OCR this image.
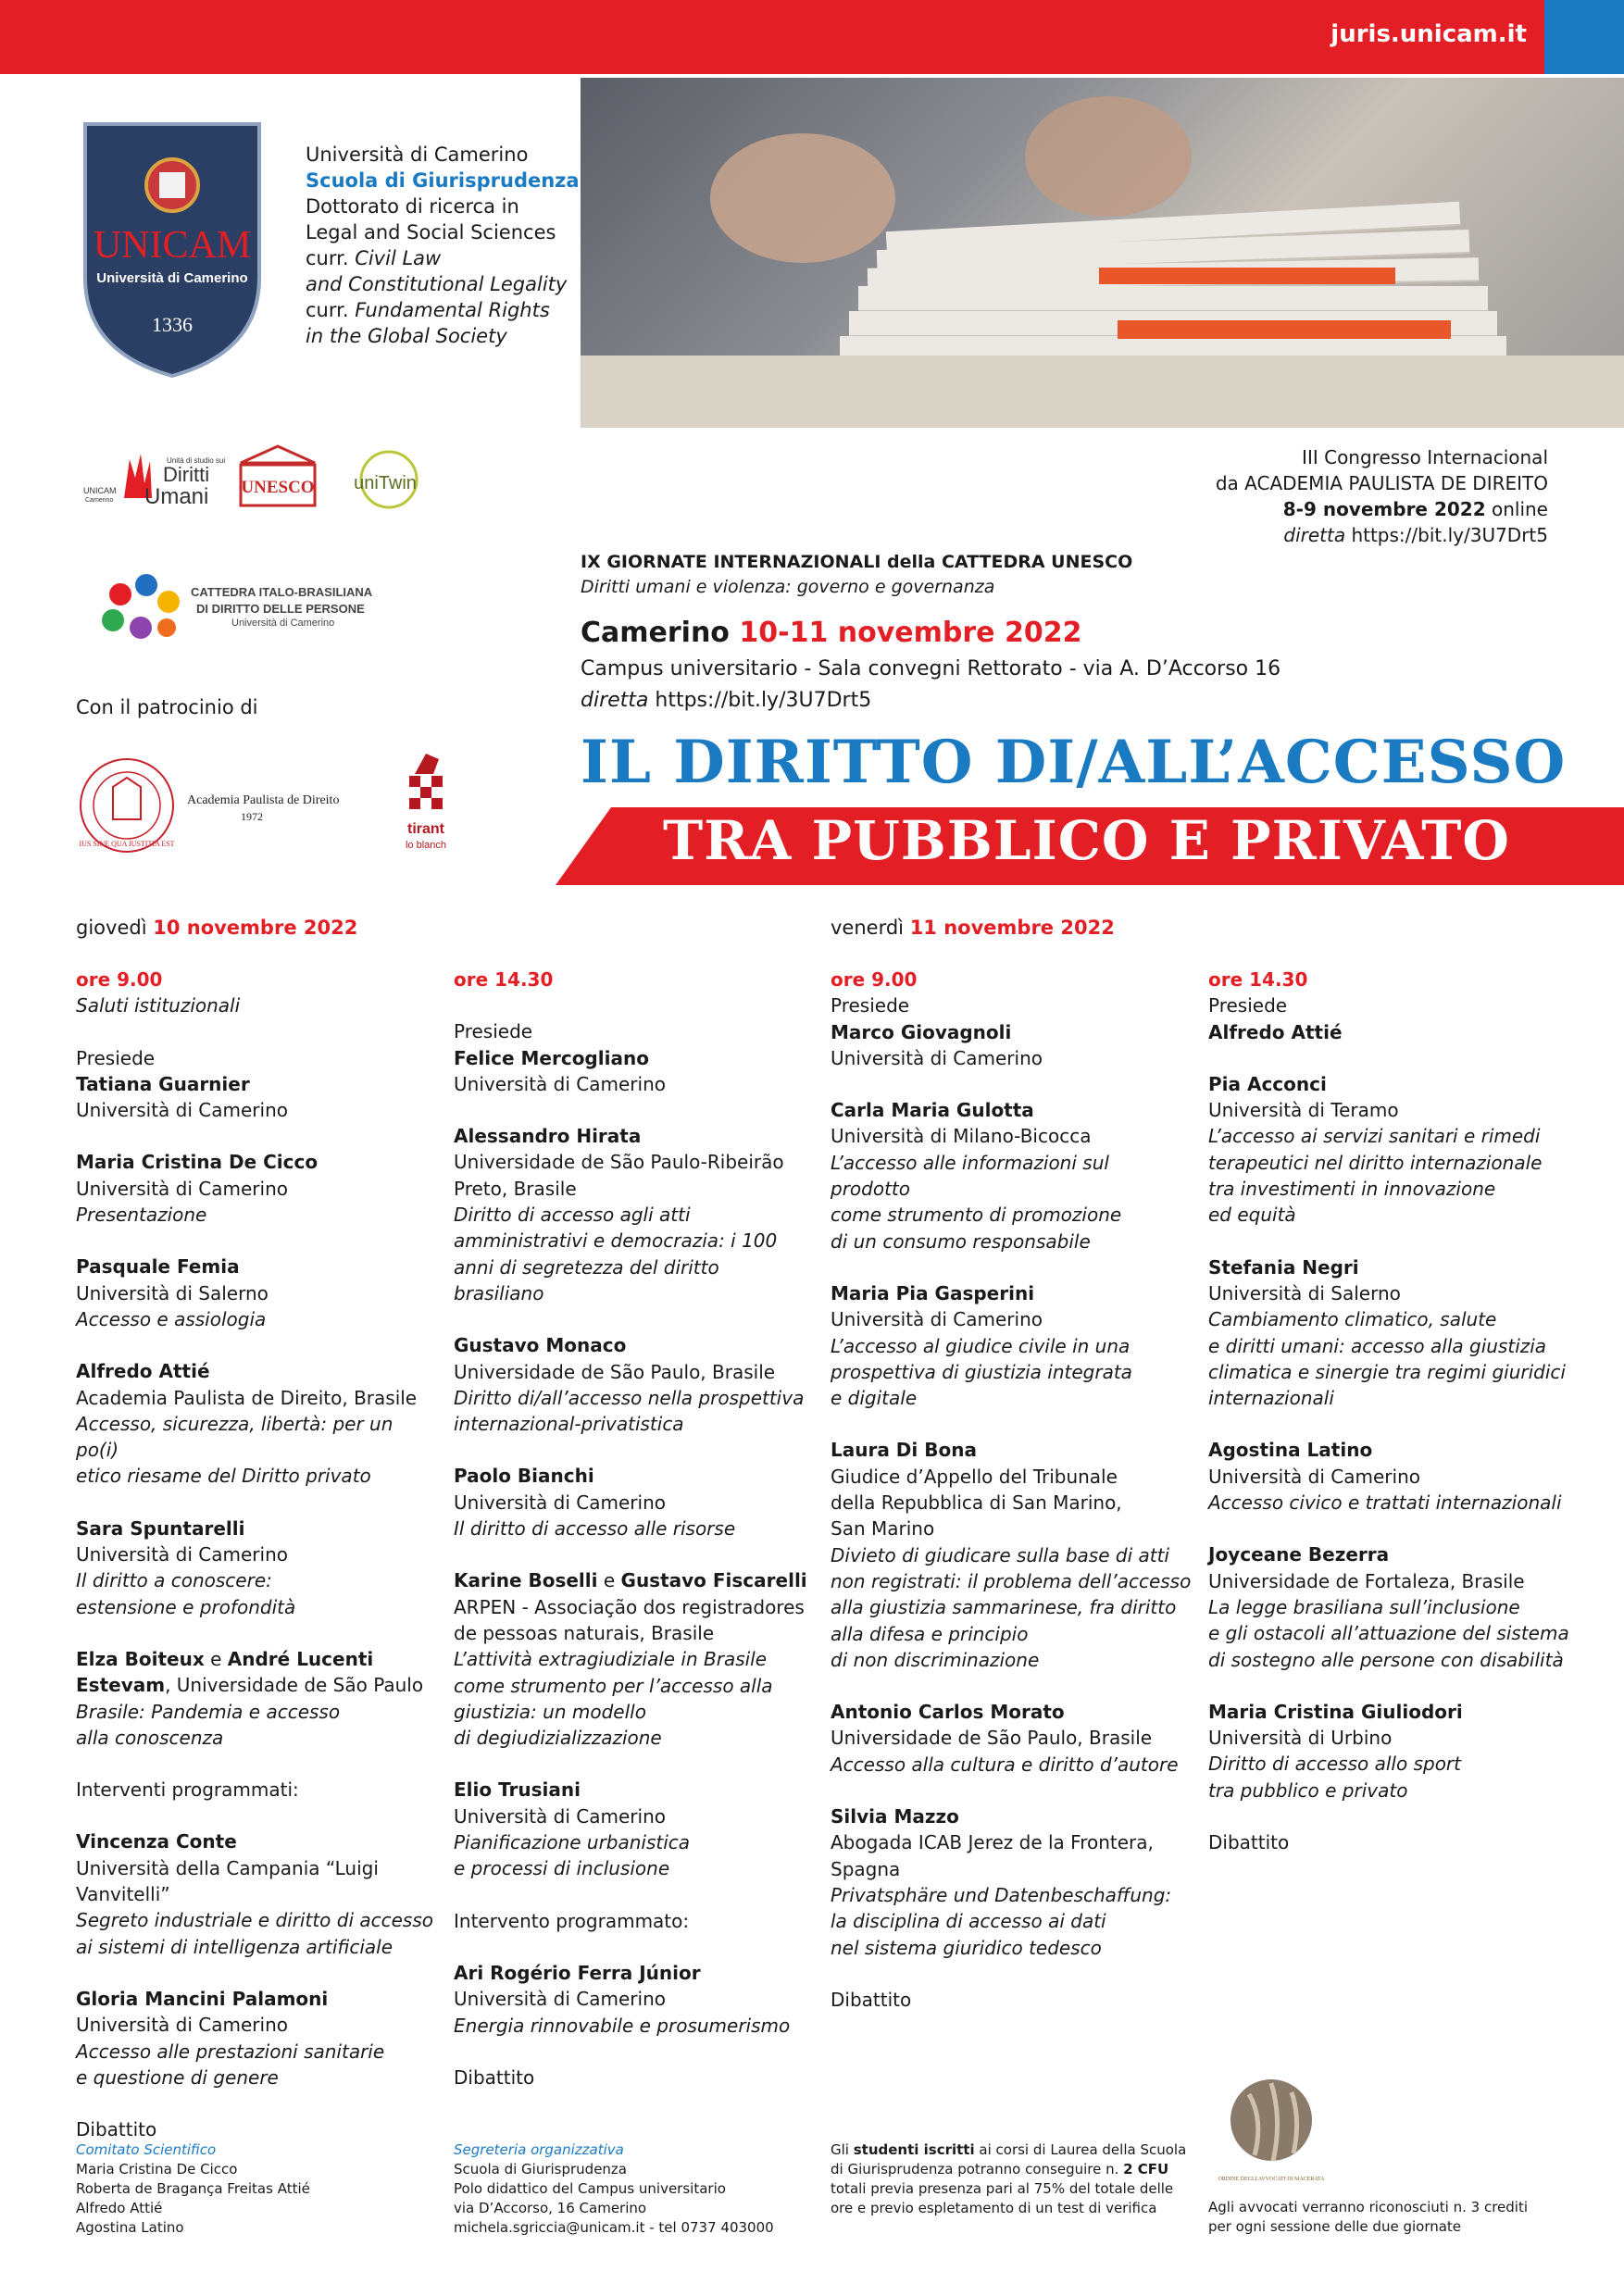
juris.unicam.it
UNICAM
Università di Camerino
1336
Università di Camerino
Scuola di Giurisprudenza
Dottorato di ricerca in
Legal and Social Sciences
curr. Civil Law
and Constitutional Legality
curr. Fundamental Rights
in the Global Society
UNICAM
Camerino
Unità di studio sui
Diritti
Umani UNESCO uniTwin
CATTEDRA ITALO-BRASILIANA
DI DIRITTO DELLE PERSONE
Università di Camerino
III Congresso Internacional
da ACADEMIA PAULISTA DE DIREITO
8-9 novembre 2022 online
diretta https://bit.ly/3U7Drt5
IX GIORNATE INTERNAZIONALI della CATTEDRA UNESCO
Diritti umani e violenza: governo e governanza
Camerino 10-11 novembre 2022
Campus universitario - Sala convegni Rettorato - via A. D’Accorso 16
diretta https://bit.ly/3U7Drt5
Con il patrocinio di
IUS SINE QUA IUSTITIA EST
Academia Paulista de Direito
1972
tirant
lo blanch
IL DIRITTO DI/ALL’ACCESSO
TRA PUBBLICO E PRIVATO
giovedì 10 novembre 2022	venerdì 11 novembre 2022

ore 9.00

Saluti istituzionali

Presiede

Tatiana Guarnier

Università di Camerino

Maria Cristina De Cicco

Università di Camerino

Presentazione

Pasquale Femia

Università di Salerno

Accesso e assiologia

Alfredo Attié

Academia Paulista de Direito, Brasile

Accesso, sicurezza, libertà: per un po(i)

etico riesame del Diritto privato

Sara Spuntarelli

Università di Camerino

Il diritto a conoscere:

estensione e profondità

Elza Boiteux e André Lucenti

Estevam, Universidade de São Paulo

Brasile: Pandemia e accesso

alla conoscenza

Interventi programmati:

Vincenza Conte

Università della Campania “Luigi

Vanvitelli”

Segreto industriale e diritto di accesso

ai sistemi di intelligenza artificiale

Gloria Mancini Palamoni

Università di Camerino

Accesso alle prestazioni sanitarie

e questione di genere

Dibattito

ore 14.30

Presiede

Felice Mercogliano

Università di Camerino

Alessandro Hirata

Universidade de São Paulo-Ribeirão

Preto, Brasile

Diritto di accesso agli atti

amministrativi e democrazia: i 100

anni di segretezza del diritto brasiliano

Gustavo Monaco

Universidade de São Paulo, Brasile

Diritto di/all’accesso nella prospettiva

internazional-privatistica

Paolo Bianchi

Università di Camerino

Il diritto di accesso alle risorse

Karine Boselli e Gustavo Fiscarelli

ARPEN - Associação dos registradores

de pessoas naturais, Brasile

L’attività extragiudiziale in Brasile

come strumento per l’accesso alla

giustizia: un modello

di degiudizializzazione

Elio Trusiani

Università di Camerino

Pianificazione urbanistica

e processi di inclusione

Intervento programmato:

Ari Rogério Ferra Júnior

Università di Camerino

Energia rinnovabile e prosumerismo

Dibattito

ore 9.00

Presiede

Marco Giovagnoli

Università di Camerino

Carla Maria Gulotta

Università di Milano-Bicocca

L’accesso alle informazioni sul prodotto

come strumento di promozione

di un consumo responsabile

Maria Pia Gasperini

Università di Camerino

L’accesso al giudice civile in una

prospettiva di giustizia integrata

e digitale

Laura Di Bona

Giudice d’Appello del Tribunale

della Repubblica di San Marino,

San Marino

Divieto di giudicare sulla base di atti

non registrati: il problema dell’accesso

alla giustizia sammarinese, fra diritto

alla difesa e principio

di non discriminazione

Antonio Carlos Morato

Universidade de São Paulo, Brasile

Accesso alla cultura e diritto d’autore

Silvia Mazzo

Abogada ICAB Jerez de la Frontera,

Spagna

Privatsphäre und Datenbeschaffung:

la disciplina di accesso ai dati

nel sistema giuridico tedesco

Dibattito

ore 14.30

Presiede

Alfredo Attié

Pia Acconci

Università di Teramo

L’accesso ai servizi sanitari e rimedi

terapeutici nel diritto internazionale

tra investimenti in innovazione

ed equità

Stefania Negri

Università di Salerno

Cambiamento climatico, salute

e diritti umani: accesso alla giustizia

climatica e sinergie tra regimi giuridici

internazionali

Agostina Latino

Università di Camerino

Accesso civico e trattati internazionali

Joyceane Bezerra

Universidade de Fortaleza, Brasile

La legge brasiliana sull’inclusione

e gli ostacoli all’attuazione del sistema

di sostegno alle persone con disabilità

Maria Cristina Giuliodori

Università di Urbino

Diritto di accesso allo sport

tra pubblico e privato

Dibattito

Comitato Scientifico
Maria Cristina De Cicco
Roberta de Bragança Freitas Attié
Alfredo Attié
Agostina Latino
Segreteria organizzativa
Scuola di Giurisprudenza
Polo didattico del Campus universitario
via D’Accorso, 16 Camerino
michela.sgriccia@unicam.it - tel 0737 403000
Gli studenti iscritti ai corsi di Laurea della Scuola
di Giurisprudenza potranno conseguire n. 2 CFU
totali previa presenza pari al 75% del totale delle
ore e previo espletamento di un test di verifica
ORDINE DEGLI AVVOCATI DI MACERATA
Agli avvocati verranno riconosciuti n. 3 crediti
per ogni sessione delle due giornate
